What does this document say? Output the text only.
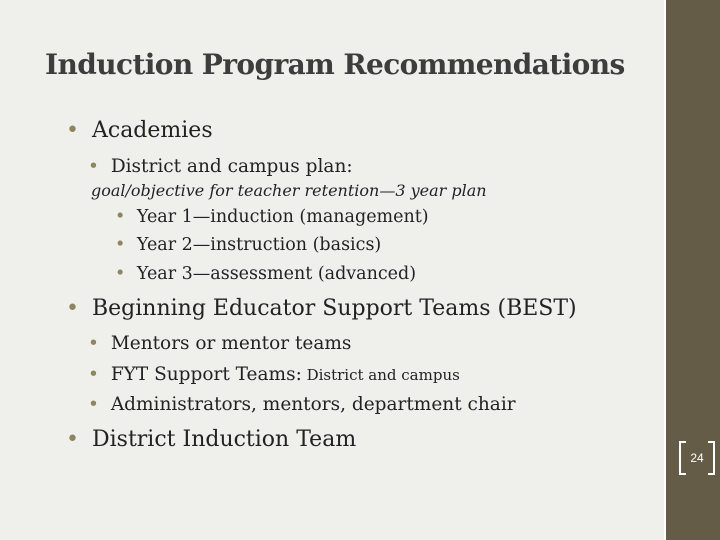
Induction Program Recommendations
• Academies
• District and campus plan:
goal/objective for teacher retention—3 year plan
• Year 1—induction (management)
• Year 2—instruction (basics)
• Year 3—assessment (advanced)
• Beginning Educator Support Teams (BEST)
• Mentors or mentor teams
• FYT Support Teams: District and campus
• Administrators, mentors, department chair
• District Induction Team
24
